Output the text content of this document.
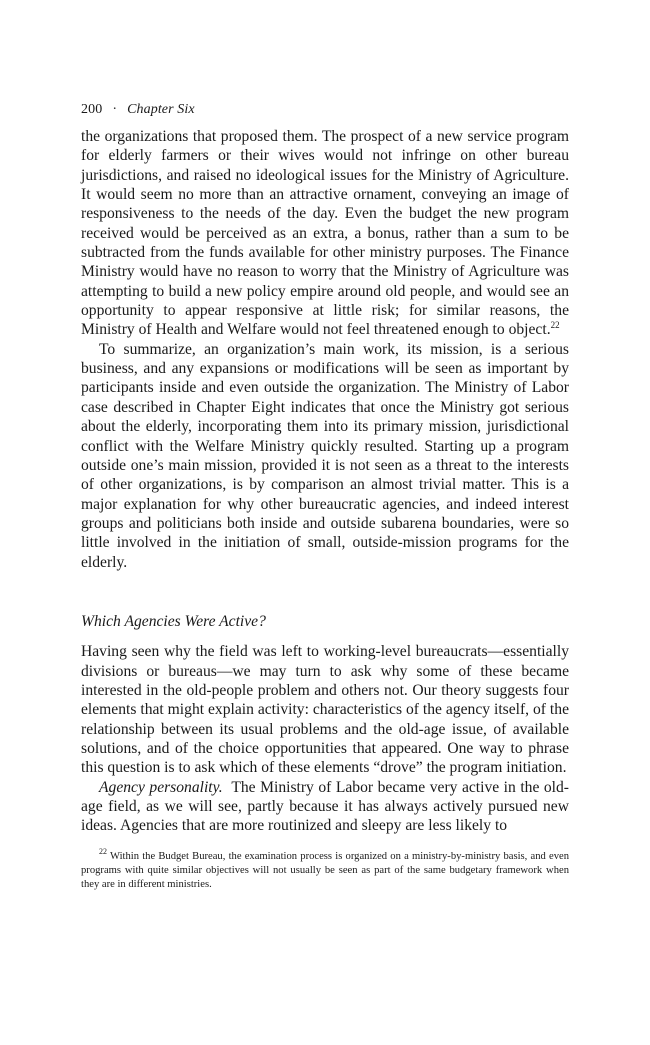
200 · Chapter Six

the organizations that proposed them. The prospect of a new service program for elderly farmers or their wives would not infringe on other bureau jurisdictions, and raised no ideological issues for the Ministry of Agriculture. It would seem no more than an attractive ornament, conveying an image of responsiveness to the needs of the day. Even the budget the new program received would be perceived as an extra, a bonus, rather than a sum to be subtracted from the funds available for other ministry purposes. The Finance Ministry would have no reason to worry that the Ministry of Agriculture was attempting to build a new policy empire around old people, and would see an opportunity to appear responsive at little risk; for similar reasons, the Ministry of Health and Welfare would not feel threatened enough to object.$^{22}$

To summarize, an organization’s main work, its mission, is a serious business, and any expansions or modifications will be seen as important by participants inside and even outside the organization. The Ministry of Labor case described in Chapter Eight indicates that once the Ministry got serious about the elderly, incorporating them into its primary mission, jurisdictional conflict with the Welfare Ministry quickly resulted. Starting up a program outside one’s main mission, provided it is not seen as a threat to the interests of other organizations, is by comparison an almost trivial matter. This is a major explanation for why other bureaucratic agencies, and indeed interest groups and politicians both inside and outside subarena boundaries, were so little involved in the initiation of small, outside-mission programs for the elderly.

Which Agencies Were Active?

Having seen why the field was left to working-level bureaucrats—essentially divisions or bureaus—we may turn to ask why some of these became interested in the old-people problem and others not. Our theory suggests four elements that might explain activity: characteristics of the agency itself, of the relationship between its usual problems and the old-age issue, of available solutions, and of the choice opportunities that appeared. One way to phrase this question is to ask which of these elements “drove” the program initiation.

Agency personality. The Ministry of Labor became very active in the old-age field, as we will see, partly because it has always actively pursued new ideas. Agencies that are more routinized and sleepy are less likely to

$^{22}$ Within the Budget Bureau, the examination process is organized on a ministry-by-ministry basis, and even programs with quite similar objectives will not usually be seen as part of the same budgetary framework when they are in different ministries.
